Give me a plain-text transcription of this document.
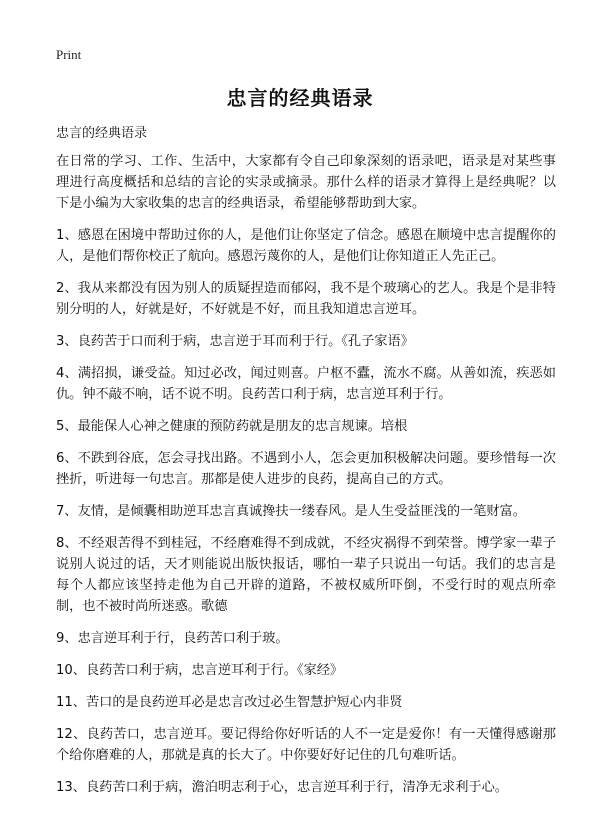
Print
忠言的经典语录
忠言的经典语录

在日常的学习、工作、生活中，大家都有令自己印象深刻的语录吧，语录是对某些事理进行高度概括和总结的言论的实录或摘录。那什么样的语录才算得上是经典呢？以下是小编为大家收集的忠言的经典语录，希望能够帮助到大家。

1、感恩在困境中帮助过你的人，是他们让你坚定了信念。感恩在顺境中忠言提醒你的人，是他们帮你校正了航向。感恩污蔑你的人，是他们让你知道正人先正己。

2、我从来都没有因为别人的质疑捏造而郁闷，我不是个玻璃心的艺人。我是个是非特别分明的人，好就是好，不好就是不好，而且我知道忠言逆耳。

3、良药苦于口而利于病，忠言逆于耳而利于行。《孔子家语》

4、满招损，谦受益。知过必改，闻过则喜。户枢不蠹，流水不腐。从善如流，疾恶如仇。钟不敲不响，话不说不明。良药苦口利于病，忠言逆耳利于行。

5、最能保人心神之健康的预防药就是朋友的忠言规谏。培根

6、不跌到谷底，怎会寻找出路。不遇到小人，怎会更加积极解决问题。要珍惜每一次挫折，听进每一句忠言。那都是使人进步的良药，提高自己的方式。

7、友情，是倾囊相助逆耳忠言真诚搀扶一缕春风。是人生受益匪浅的一笔财富。

8、不经艰苦得不到桂冠，不经磨难得不到成就，不经灾祸得不到荣誉。博学家一辈子说别人说过的话，天才则能说出版快报话，哪怕一辈子只说出一句话。我们的忠言是每个人都应该坚持走他为自己开辟的道路，不被权威所吓倒，不受行时的观点所牵制，也不被时尚所迷惑。歌德

9、忠言逆耳利于行，良药苦口利于玻。

10、良药苦口利于病，忠言逆耳利于行。《家经》

11、苦口的是良药逆耳必是忠言改过必生智慧护短心内非贤

12、良药苦口，忠言逆耳。要记得给你好听话的人不一定是爱你！有一天懂得感谢那个给你磨难的人，那就是真的长大了。中你要好好记住的几句难听话。

13、良药苦口利于病，澹泊明志利于心，忠言逆耳利于行，清净无求利于心。
